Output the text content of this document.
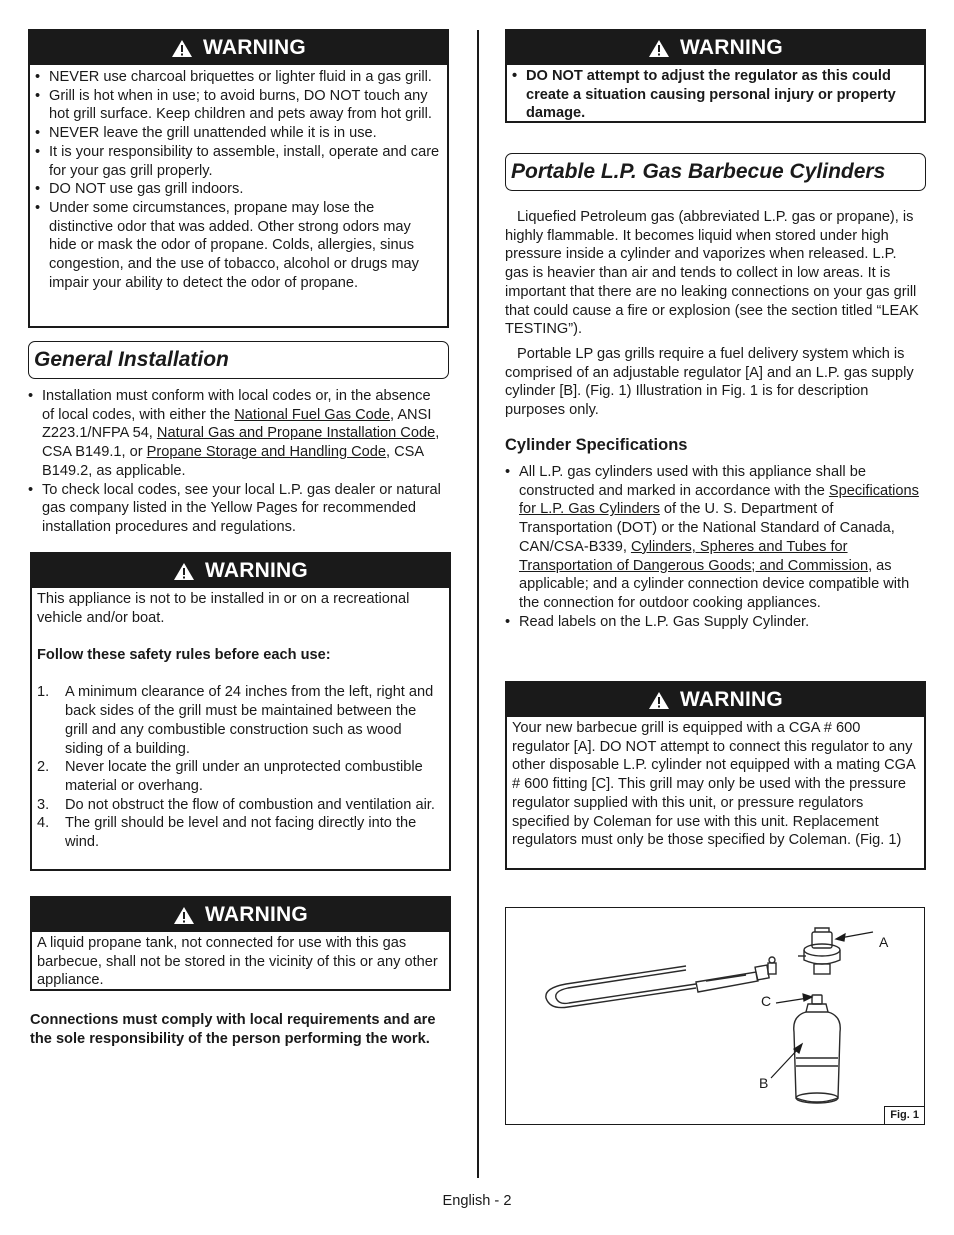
WARNING
• NEVER use charcoal briquettes or lighter fluid in a gas grill.
• Grill is hot when in use; to avoid burns, DO NOT touch any hot grill surface. Keep children and pets away from hot grill.
• NEVER leave the grill unattended while it is in use.
• It is your responsibility to assemble, install, operate and care for your gas grill properly.
• DO NOT use gas grill indoors.
• Under some circumstances, propane may lose the distinctive odor that was added. Other strong odors may hide or mask the odor of propane. Colds, allergies, sinus congestion, and the use of tobacco, alcohol or drugs may impair your ability to detect the odor of propane.
General Installation
• Installation must conform with local codes or, in the absence of local codes, with either the National Fuel Gas Code, ANSI Z223.1/NFPA 54, Natural Gas and Propane Installation Code, CSA B149.1, or Propane Storage and Handling Code, CSA B149.2, as applicable.
• To check local codes, see your local L.P. gas dealer or natural gas company listed in the Yellow Pages for recommended installation procedures and regulations.
WARNING

This appliance is not to be installed in or on a recreational vehicle and/or boat.

Follow these safety rules before each use:

1. A minimum clearance of 24 inches from the left, right and back sides of the grill must be maintained between the grill and any combustible construction such as wood siding of a building.
2. Never locate the grill under an unprotected combustible material or overhang.
3. Do not obstruct the flow of combustion and ventilation air.
4. The grill should be level and not facing directly into the wind.
WARNING

A liquid propane tank, not connected for use with this gas barbecue, shall not be stored in the vicinity of this or any other appliance.

Connections must comply with local requirements and are the sole responsibility of the person performing the work.

WARNING
• DO NOT attempt to adjust the regulator as this could create a situation causing personal injury or property damage.
Portable L.P. Gas Barbecue Cylinders

Liquefied Petroleum gas (abbreviated L.P. gas or propane), is highly flammable. It becomes liquid when stored under high pressure inside a cylinder and vaporizes when released. L.P. gas is heavier than air and tends to collect in low areas. It is important that there are no leaking connections on your gas grill that could cause a fire or explosion (see the section titled “LEAK TESTING”).

Portable LP gas grills require a fuel delivery system which is comprised of an adjustable regulator [A] and an L.P. gas supply cylinder [B]. (Fig. 1) Illustration in Fig. 1 is for description purposes only.

Cylinder Specifications
• All L.P. gas cylinders used with this appliance shall be constructed and marked in accordance with the Specifications for L.P. Gas Cylinders of the U. S. Department of Transportation (DOT) or the National Standard of Canada, CAN/CSA-B339, Cylinders, Spheres and Tubes for Transportation of Dangerous Goods; and Commission, as applicable; and a cylinder connection device compatible with the connection for outdoor cooking appliances.
• Read labels on the L.P. Gas Supply Cylinder.
WARNING

Your new barbecue grill is equipped with a CGA # 600 regulator [A]. DO NOT attempt to connect this regulator to any other disposable L.P. cylinder not equipped with a mating CGA # 600 fitting [C]. This grill may only be used with the pressure regulator supplied with this unit, or pressure regulators specified by Coleman for use with this unit. Replacement regulators must only be those specified by Coleman. (Fig. 1)

A
C
B
Fig. 1
English - 2
